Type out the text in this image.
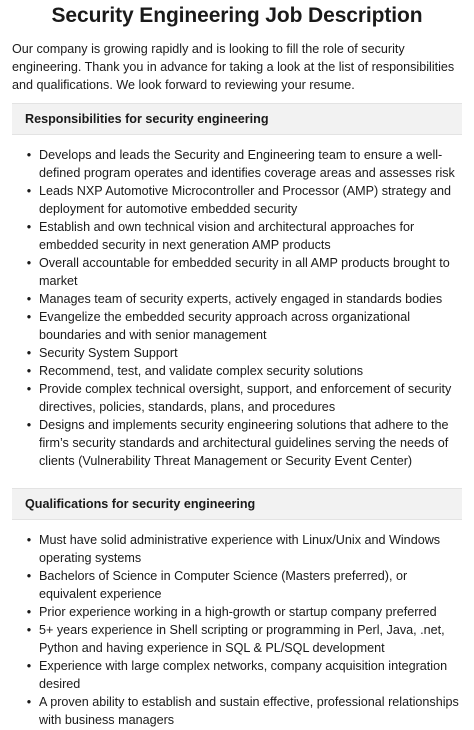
Security Engineering Job Description

Our company is growing rapidly and is looking to fill the role of security engineering. Thank you in advance for taking a look at the list of responsibilities and qualifications. We look forward to reviewing your resume.

Responsibilities for security engineering
• Develops and leads the Security and Engineering team to ensure a well-defined program operates and identifies coverage areas and assesses risk
• Leads NXP Automotive Microcontroller and Processor (AMP) strategy and deployment for automotive embedded security
• Establish and own technical vision and architectural approaches for embedded security in next generation AMP products
• Overall accountable for embedded security in all AMP products brought to market
• Manages team of security experts, actively engaged in standards bodies
• Evangelize the embedded security approach across organizational boundaries and with senior management
• Security System Support
• Recommend, test, and validate complex security solutions
• Provide complex technical oversight, support, and enforcement of security directives, policies, standards, plans, and procedures
• Designs and implements security engineering solutions that adhere to the firm’s security standards and architectural guidelines serving the needs of clients (Vulnerability Threat Management or Security Event Center)
Qualifications for security engineering
• Must have solid administrative experience with Linux/Unix and Windows operating systems
• Bachelors of Science in Computer Science (Masters preferred), or equivalent experience
• Prior experience working in a high-growth or startup company preferred
• 5+ years experience in Shell scripting or programming in Perl, Java, .net, Python and having experience in SQL & PL/SQL development
• Experience with large complex networks, company acquisition integration desired
• A proven ability to establish and sustain effective, professional relationships with business managers
